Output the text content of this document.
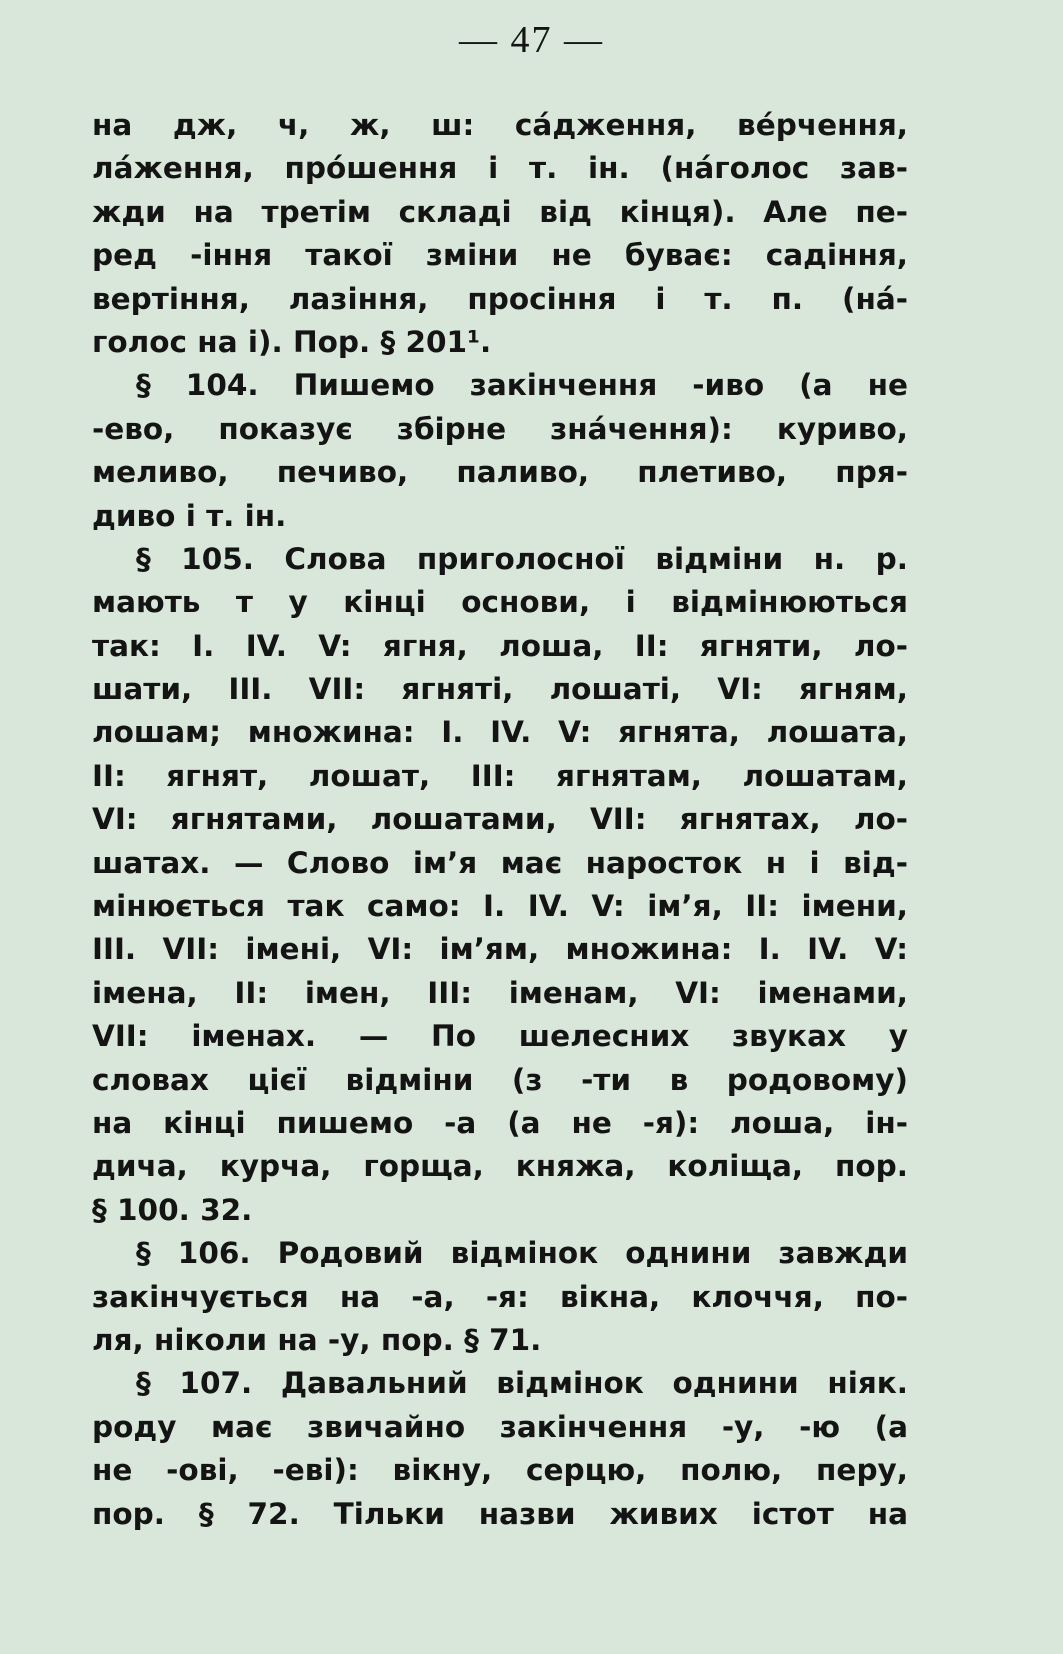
— 47 —
на дж, ч, ж, ш: са́дження, ве́рчення,
ла́ження, про́шення і т. ін. (на́голос зав-
жди на третім складі від кінця). Але пе-
ред -іння такої зміни не буває: садіння,
вертіння, лазіння, просіння і т. п. (на́-
голос на і). Пор. § 201¹.
§ 104. Пишемо закінчення -иво (а не
-ево, показує збірне зна́чення): куриво,
меливо, печиво, паливо, плетиво, пря-
диво і т. ін.
§ 105. Слова приголосної відміни н. р.
мають т у кінці основи, і відмінюються
так: I. IV. V: ягня, лоша, II: ягняти, ло-
шати, III. VII: ягняті, лошаті, VI: ягням,
лошам; множина: I. IV. V: ягнята, лошата,
II: ягнят, лошат, III: ягнятам, лошатам,
VI: ягнятами, лошатами, VII: ягнятах, ло-
шатах. — Слово ім’я має наросток н і від-
мінюється так само: I. IV. V: ім’я, II: імени,
III. VII: імені, VI: ім’ям, множина: I. IV. V:
імена, II: імен, III: іменам, VI: іменами,
VII: іменах. — По шелесних звуках у
словах цієї відміни (з -ти в родовому)
на кінці пишемо -а (а не -я): лоша, ін-
дича, курча, горща, княжа, коліща, пор.
§ 100. 32.
§ 106. Родовий відмінок однини завжди
закінчується на -а, -я: вікна, клоччя, по-
ля, ніколи на -у, пор. § 71.
§ 107. Давальний відмінок однини ніяк.
роду має звичайно закінчення -у, -ю (а
не -ові, -еві): вікну, серцю, полю, перу,
пор. § 72. Тільки назви живих істот на
